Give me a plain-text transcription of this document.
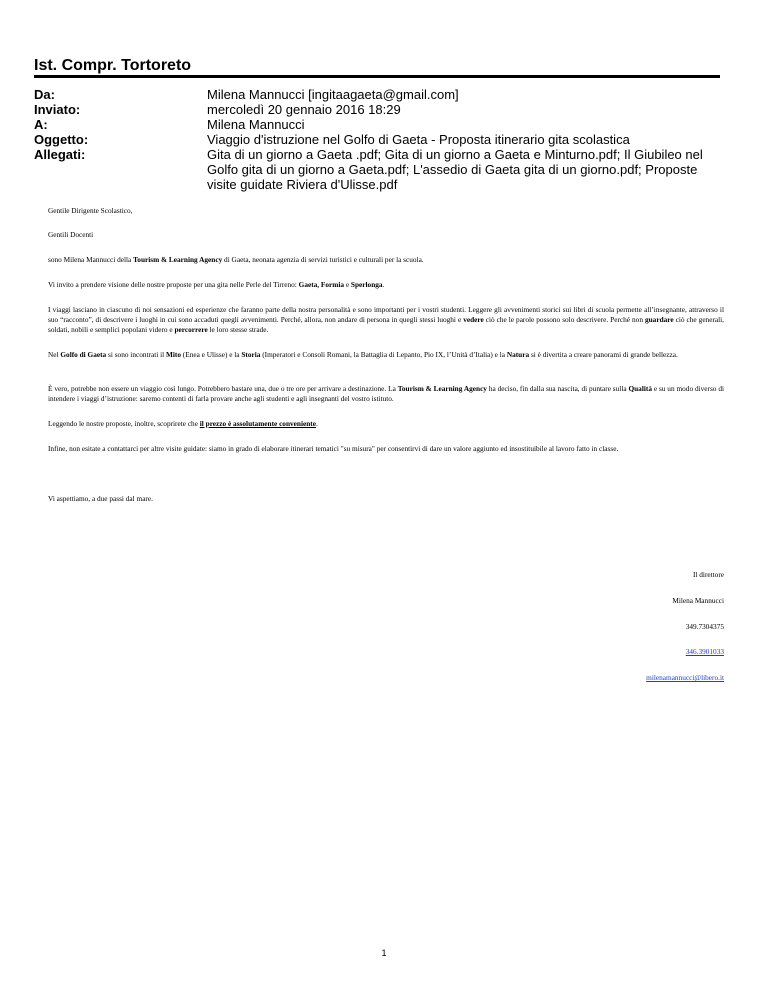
Ist. Compr. Tortoreto
Da:	Milena Mannucci [ingitaagaeta@gmail.com]
Inviato:	mercoledì 20 gennaio 2016 18:29
A:	Milena Mannucci
Oggetto:	Viaggio d'istruzione nel Golfo di Gaeta - Proposta itinerario gita scolastica
Allegati:	Gita di un giorno a Gaeta .pdf; Gita di un giorno a Gaeta e Minturno.pdf; Il Giubileo nel Golfo gita di un giorno a Gaeta.pdf; L'assedio di Gaeta gita di un giorno.pdf; Proposte visite guidate Riviera d'Ulisse.pdf

Gentile Dirigente Scolastico,

Gentili Docenti

sono Milena Mannucci della Tourism & Learning Agency di Gaeta, neonata agenzia di servizi turistici e culturali per la scuola.

Vi invito a prendere visione delle nostre proposte per una gita nelle Perle del Tirreno: Gaeta, Formia e Sperlonga.

I viaggi lasciano in ciascuno di noi sensazioni ed esperienze che faranno parte della nostra personalità e sono importanti per i vostri studenti. Leggere gli avvenimenti storici sui libri di scuola permette all’insegnante, attraverso il suo “racconto”, di descrivere i luoghi in cui sono accaduti quegli avvenimenti. Perché, allora, non andare di persona in quegli stessi luoghi e vedere ciò che le parole possono solo descrivere. Perché non guardare ciò che generali, soldati, nobili e semplici popolani videro e percorrere le loro stesse strade.

Nel Golfo di Gaeta si sono incontrati il Mito (Enea e Ulisse) e la Storia (Imperatori e Consoli Romani, la Battaglia di Lepanto, Pio IX, l’Unità d’Italia) e la Natura si è divertita a creare panorami di grande bellezza.

È vero, potrebbe non essere un viaggio così lungo. Potrebbero bastare una, due o tre ore per arrivare a destinazione. La Tourism & Learning Agency ha deciso, fin dalla sua nascita, di puntare sulla Qualità e su un modo diverso di intendere i viaggi d’istruzione: saremo contenti di farla provare anche agli studenti e agli insegnanti del vostro istituto.

Leggendo le nostre proposte, inoltre, scoprirete che il prezzo è assolutamente conveniente.

Infine, non esitate a contattarci per altre visite guidate: siamo in grado di elaborare itinerari tematici "su misura" per consentirvi di dare un valore aggiunto ed insostituibile al lavoro fatto in classe.

Vi aspettiamo, a due passi dal mare.

Il direttore
Milena Mannucci
349.7304375
346.3901033
milenamannucci@libero.it
1
